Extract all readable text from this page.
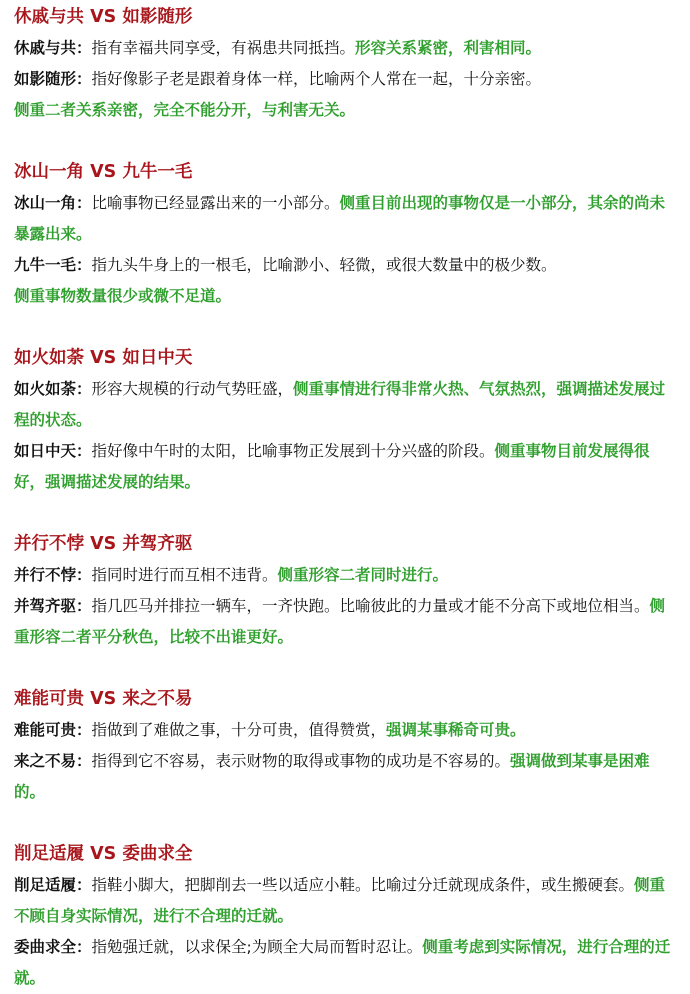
休戚与共 VS 如影随形

休戚与共：指有幸福共同享受，有祸患共同抵挡。形容关系紧密，利害相同。

如影随形：指好像影子老是跟着身体一样，比喻两个人常在一起，十分亲密。

侧重二者关系亲密，完全不能分开，与利害无关。

冰山一角 VS 九牛一毛

冰山一角：比喻事物已经显露出来的一小部分。侧重目前出现的事物仅是一小部分，其余的尚未暴露出来。

九牛一毛：指九头牛身上的一根毛，比喻渺小、轻微，或很大数量中的极少数。

侧重事物数量很少或微不足道。

如火如荼 VS 如日中天

如火如荼：形容大规模的行动气势旺盛，侧重事情进行得非常火热、气氛热烈，强调描述发展过程的状态。

如日中天：指好像中午时的太阳，比喻事物正发展到十分兴盛的阶段。侧重事物目前发展得很好，强调描述发展的结果。

并行不悖 VS 并驾齐驱

并行不悖：指同时进行而互相不违背。侧重形容二者同时进行。

并驾齐驱：指几匹马并排拉一辆车，一齐快跑。比喻彼此的力量或才能不分高下或地位相当。侧重形容二者平分秋色，比较不出谁更好。

难能可贵 VS 来之不易

难能可贵：指做到了难做之事，十分可贵，值得赞赏，强调某事稀奇可贵。

来之不易：指得到它不容易，表示财物的取得或事物的成功是不容易的。强调做到某事是困难的。

削足适履 VS 委曲求全

削足适履：指鞋小脚大，把脚削去一些以适应小鞋。比喻过分迁就现成条件，或生搬硬套。侧重不顾自身实际情况，进行不合理的迁就。

委曲求全：指勉强迁就，以求保全;为顾全大局而暂时忍让。侧重考虑到实际情况，进行合理的迁就。
